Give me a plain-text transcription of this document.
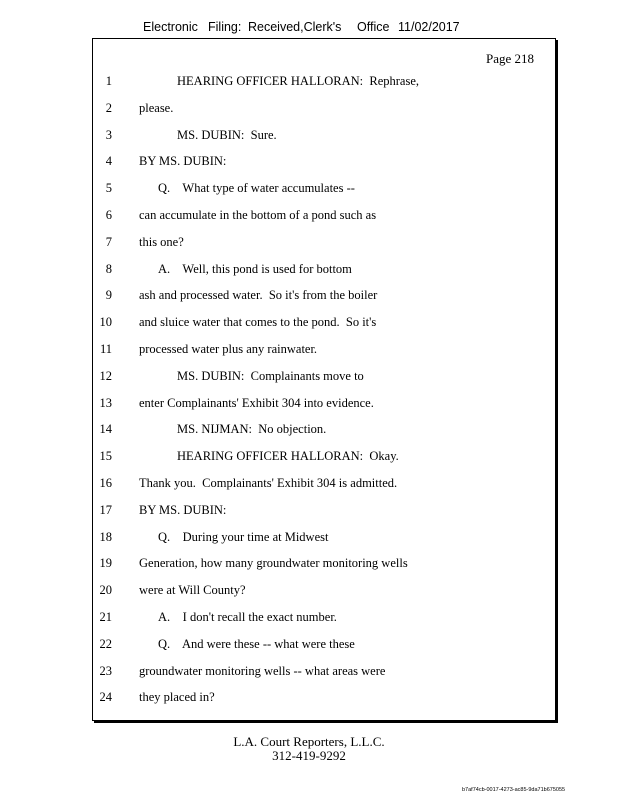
Electronic Filing: Received,Clerk's Office 11/02/2017
Page 218
1	HEARING OFFICER HALLORAN:  Rephrase,
2 please.
3	MS. DUBIN:  Sure.
4 BY MS. DUBIN:
5	Q.    What type of water accumulates --
6 can accumulate in the bottom of a pond such as
7 this one?
8	A.    Well, this pond is used for bottom
9 ash and processed water.  So it's from the boiler
10 and sluice water that comes to the pond.  So it's
11 processed water plus any rainwater.
12	MS. DUBIN:  Complainants move to
13 enter Complainants' Exhibit 304 into evidence.
14	MS. NIJMAN:  No objection.
15	HEARING OFFICER HALLORAN:  Okay.
16 Thank you.  Complainants' Exhibit 304 is admitted.
17 BY MS. DUBIN:
18	Q.    During your time at Midwest
19 Generation, how many groundwater monitoring wells
20 were at Will County?
21	A.    I don't recall the exact number.
22	Q.    And were these -- what were these
23 groundwater monitoring wells -- what areas were
24 they placed in?
L.A. Court Reporters, L.L.C.
312-419-9292
b7af74cb-0017-4273-ac85-9da71b675055
